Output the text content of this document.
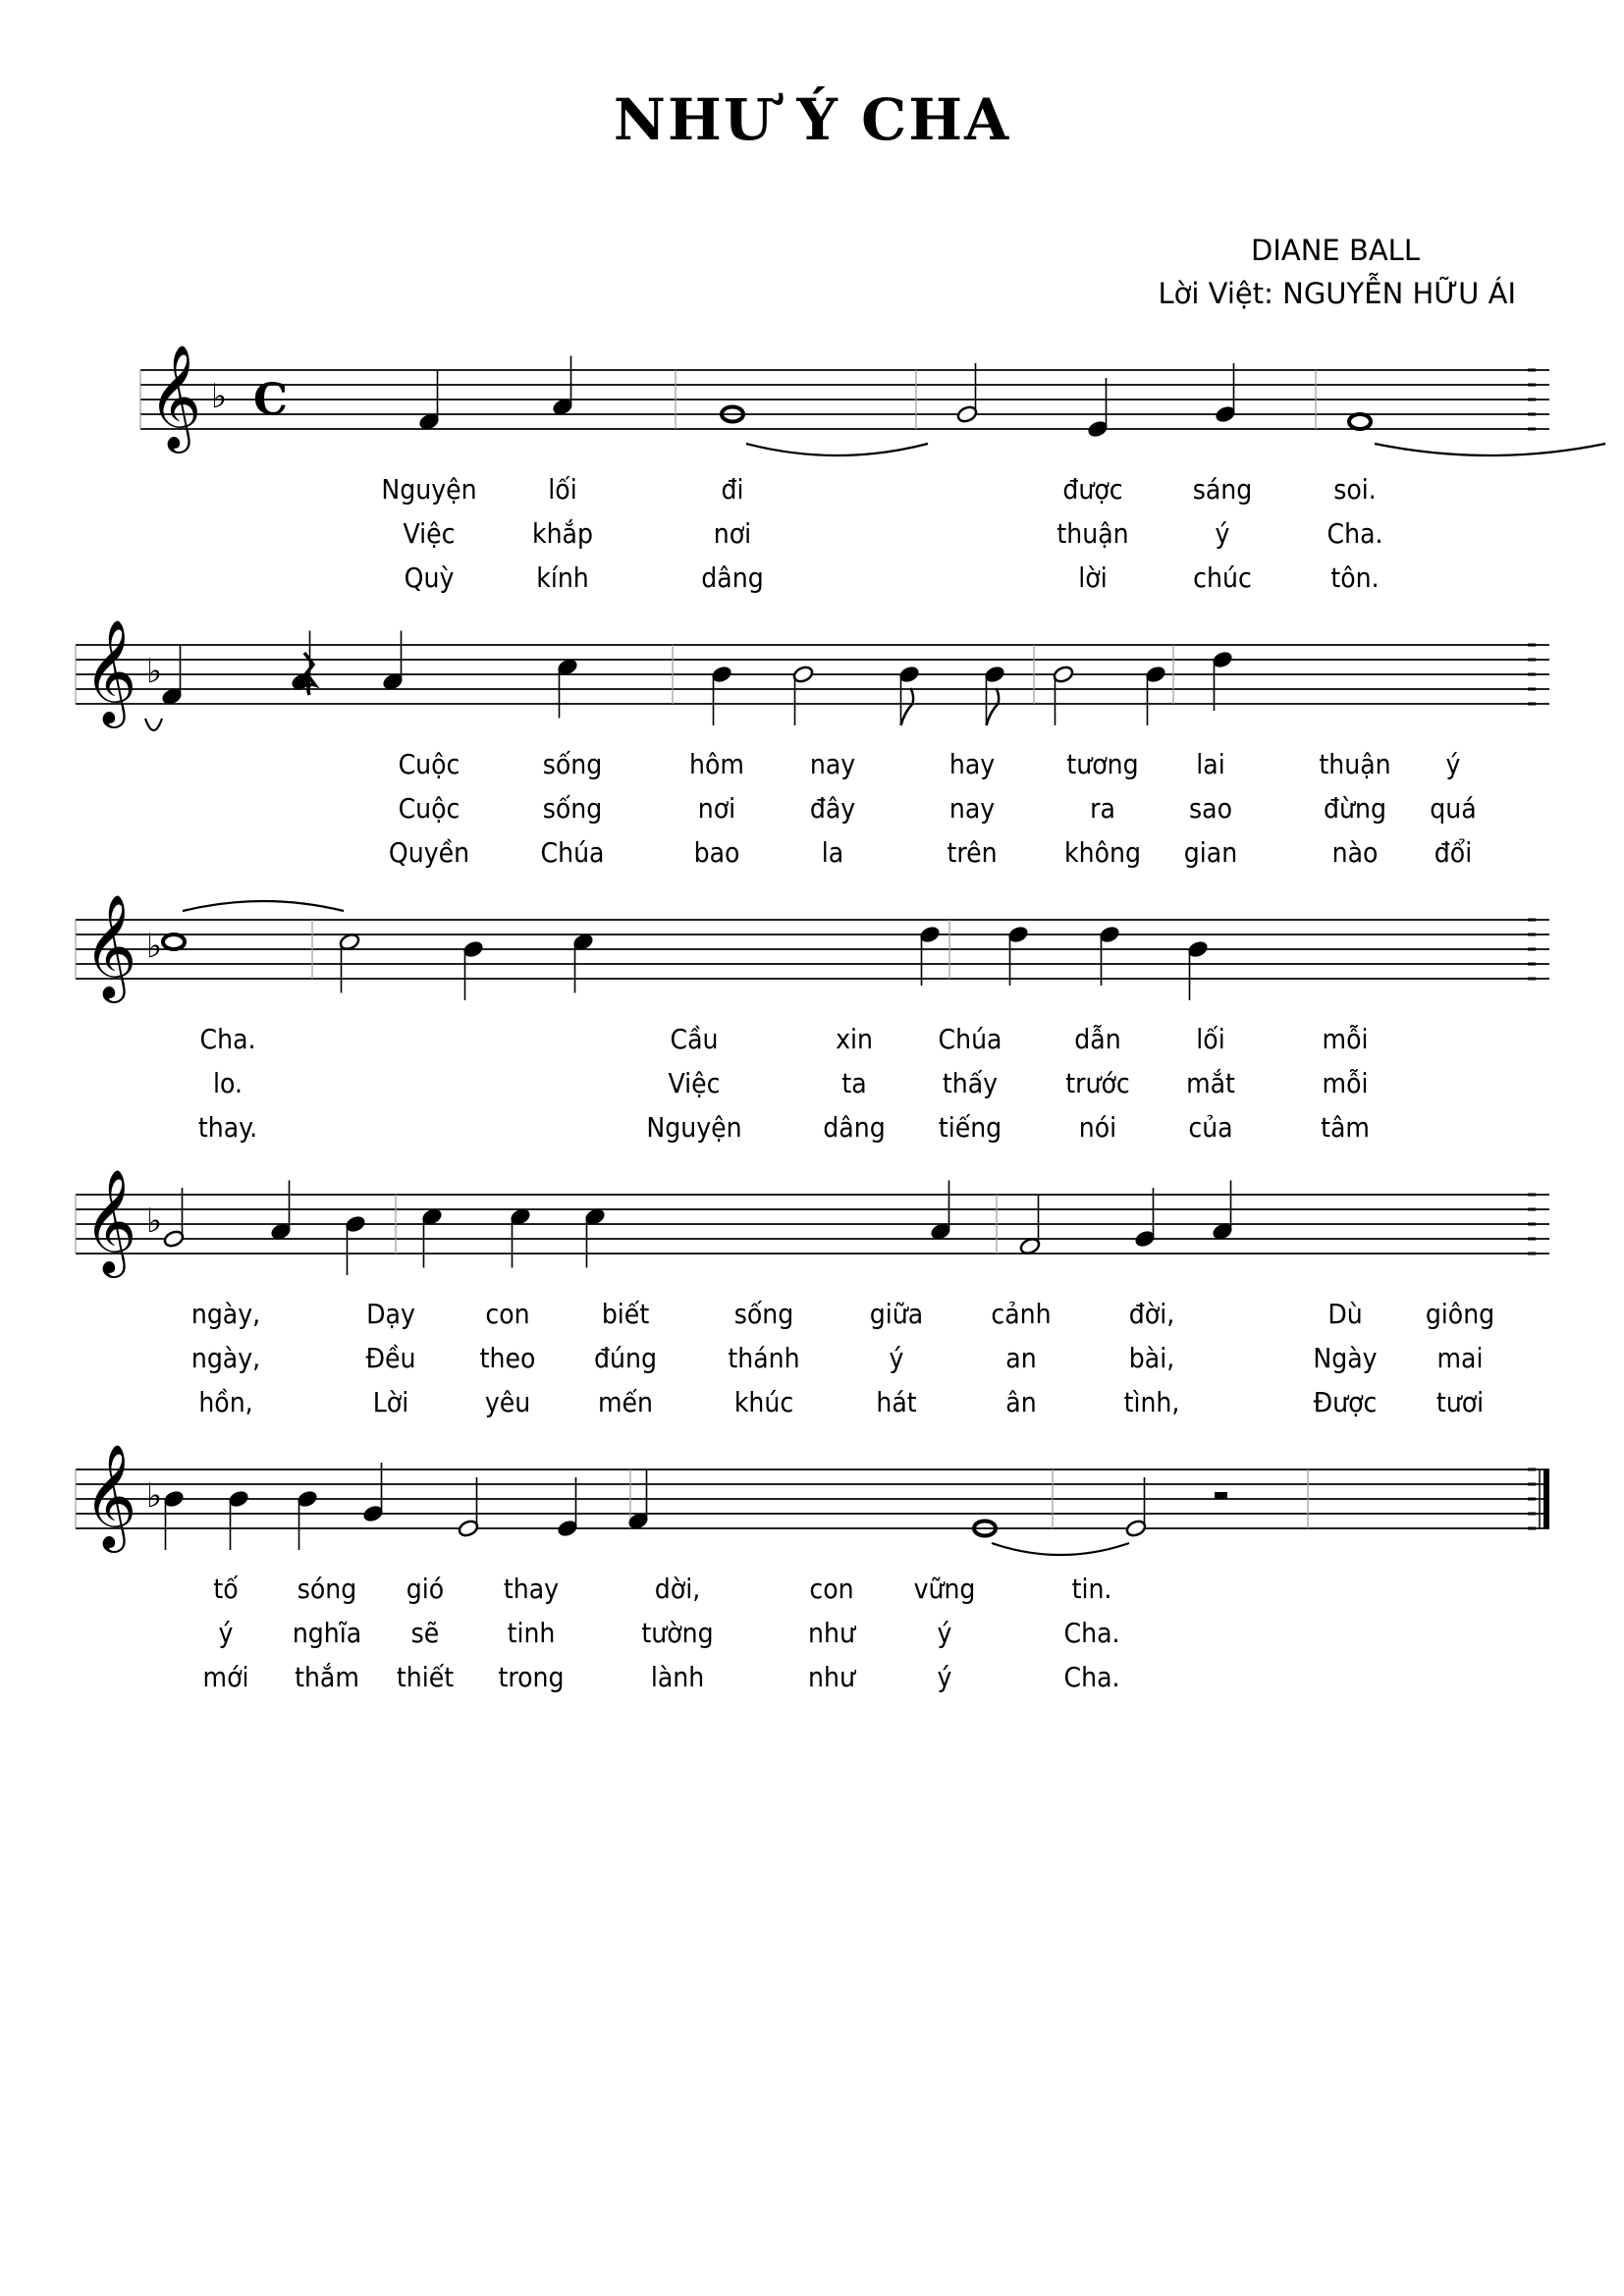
NHƯ Ý CHA
DIANE BALL
Lời Việt: NGUYỄN HỮU ÁI
𝄞 ♭ C
𝄞 ♭
𝄞 ♭
𝄞 ♭
𝄞 ♭
Nguyện	lối	đi	được	sáng	soi.
Việc	khắp	nơi	thuận	ý	Cha.
Quỳ	kính	dâng	lời	chúc	tôn.
Cuộc	sống	hôm nay	hay	tương lai	thuận ý
Cuộc	sống	nơi	đây	nay	ra	sao	đừng quá
Quyền	Chúa	bao	la	trên không gian	nào đổi
Cha.	Cầu	xin Chúa	dẫn	lối	mỗi
lo.	Việc	ta	thấy trước mắt	mỗi
thay.	Nguyện	dâng tiếng	nói	của	tâm
ngày,	Dạy	con	biết	sống	giữa cảnh	đời,	Dù giông
ngày,	Đều theo đúng	thánh	ý	an	bài,	Ngày mai
hồn,	Lời	yêu mến	khúc	hát	ân	tình,	Được tươi
tố sóng gió thay	dời,	con vững	tin.
ý nghĩa sẽ tinh	tường	như	ý	Cha.
mới thắm thiết trong	lành	như	ý	Cha.
